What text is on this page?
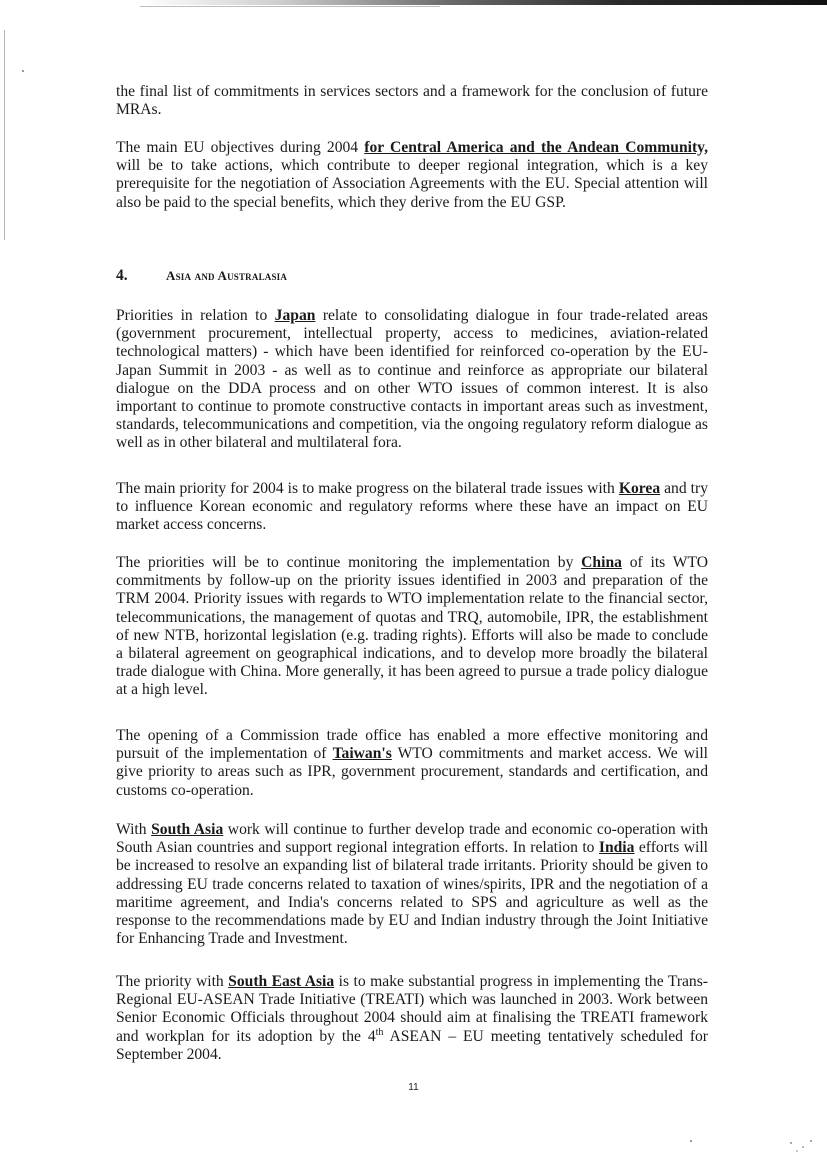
the final list of commitments in services sectors and a framework for the conclusion of future MRAs.

The main EU objectives during 2004 for Central America and the Andean Community, will be to take actions, which contribute to deeper regional integration, which is a key prerequisite for the negotiation of Association Agreements with the EU. Special attention will also be paid to the special benefits, which they derive from the EU GSP.

4.	Asia and Australasia

Priorities in relation to Japan relate to consolidating dialogue in four trade-related areas (government procurement, intellectual property, access to medicines, aviation-related technological matters) - which have been identified for reinforced co-operation by the EU-Japan Summit in 2003 - as well as to continue and reinforce as appropriate our bilateral dialogue on the DDA process and on other WTO issues of common interest. It is also important to continue to promote constructive contacts in important areas such as investment, standards, telecommunications and competition, via the ongoing regulatory reform dialogue as well as in other bilateral and multilateral fora.

The main priority for 2004 is to make progress on the bilateral trade issues with Korea and try to influence Korean economic and regulatory reforms where these have an impact on EU market access concerns.

The priorities will be to continue monitoring the implementation by China of its WTO commitments by follow-up on the priority issues identified in 2003 and preparation of the TRM 2004. Priority issues with regards to WTO implementation relate to the financial sector, telecommunications, the management of quotas and TRQ, automobile, IPR, the establishment of new NTB, horizontal legislation (e.g. trading rights). Efforts will also be made to conclude a bilateral agreement on geographical indications, and to develop more broadly the bilateral trade dialogue with China. More generally, it has been agreed to pursue a trade policy dialogue at a high level.

The opening of a Commission trade office has enabled a more effective monitoring and pursuit of the implementation of Taiwan's WTO commitments and market access. We will give priority to areas such as IPR, government procurement, standards and certification, and customs co-operation.

With South Asia work will continue to further develop trade and economic co-operation with South Asian countries and support regional integration efforts. In relation to India efforts will be increased to resolve an expanding list of bilateral trade irritants. Priority should be given to addressing EU trade concerns related to taxation of wines/spirits, IPR and the negotiation of a maritime agreement, and India's concerns related to SPS and agriculture as well as the response to the recommendations made by EU and Indian industry through the Joint Initiative for Enhancing Trade and Investment.

The priority with South East Asia is to make substantial progress in implementing the Trans-Regional EU-ASEAN Trade Initiative (TREATI) which was launched in 2003. Work between Senior Economic Officials throughout 2004 should aim at finalising the TREATI framework and workplan for its adoption by the 4th ASEAN – EU meeting tentatively scheduled for September 2004.

11
